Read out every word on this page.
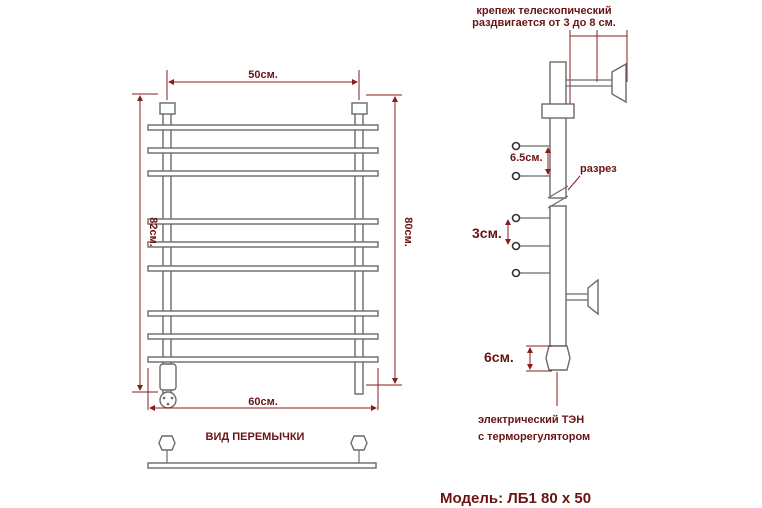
50см.
60см.
82см.	80см.
ВИД ПЕРЕМЫЧКИ
крепеж телескопический
раздвигается от 3 до 8 см.
разрез
6.5см.
3см.
6см.
электрический ТЭН
с терморегулятором
Модель: ЛБ1 80 х 50
